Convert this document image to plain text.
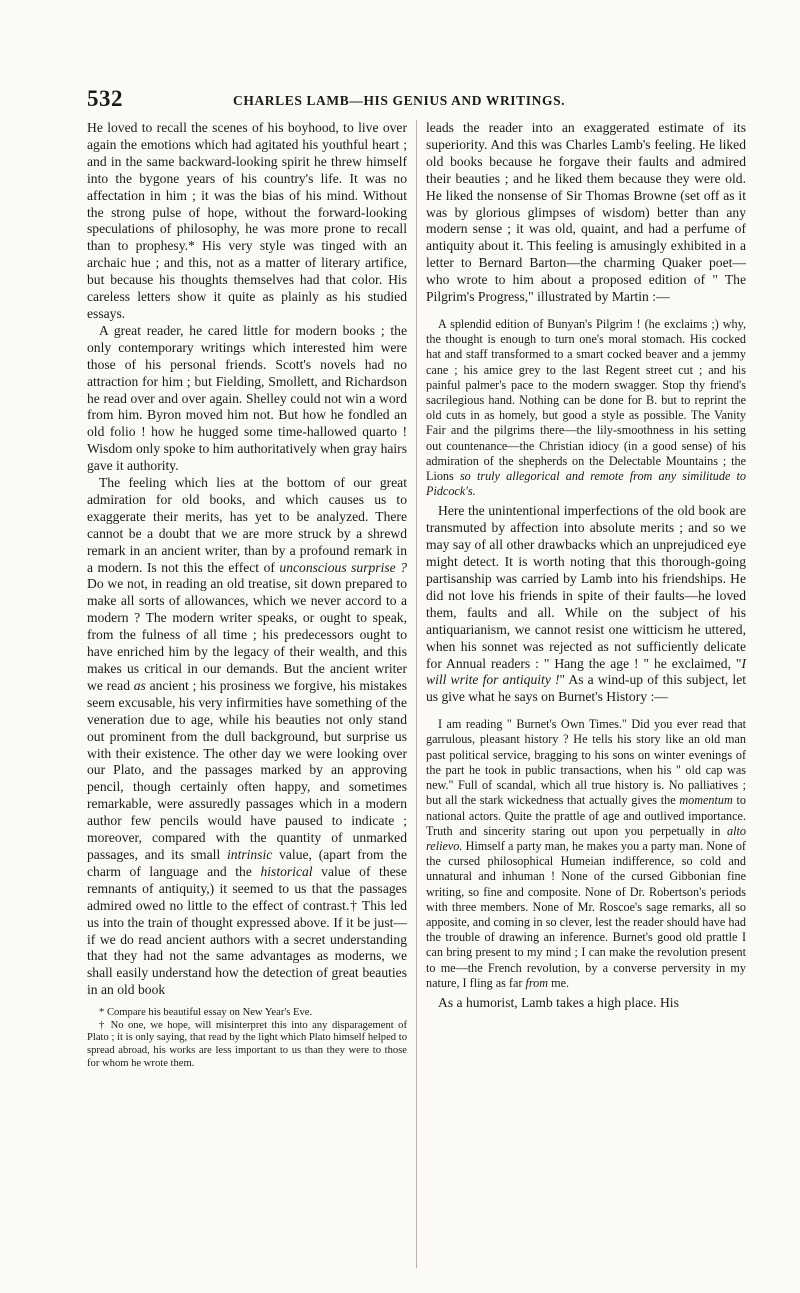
532	CHARLES LAMB—HIS GENIUS AND WRITINGS.

He loved to recall the scenes of his boyhood, to live over again the emotions which had agitated his youthful heart ; and in the same backward-looking spirit he threw himself into the bygone years of his country's life. It was no affectation in him ; it was the bias of his mind. Without the strong pulse of hope, without the forward-looking speculations of philosophy, he was more prone to recall than to prophesy.* His very style was tinged with an archaic hue ; and this, not as a matter of literary artifice, but because his thoughts themselves had that color. His careless letters show it quite as plainly as his studied essays.

A great reader, he cared little for modern books ; the only contemporary writings which interested him were those of his personal friends. Scott's novels had no attraction for him ; but Fielding, Smollett, and Richardson he read over and over again. Shelley could not win a word from him. Byron moved him not. But how he fondled an old folio ! how he hugged some time-hallowed quarto ! Wisdom only spoke to him authoritatively when gray hairs gave it authority.

The feeling which lies at the bottom of our great admiration for old books, and which causes us to exaggerate their merits, has yet to be analyzed. There cannot be a doubt that we are more struck by a shrewd remark in an ancient writer, than by a profound remark in a modern. Is not this the effect of unconscious surprise ? Do we not, in reading an old treatise, sit down prepared to make all sorts of allowances, which we never accord to a modern ? The modern writer speaks, or ought to speak, from the fulness of all time ; his predecessors ought to have enriched him by the legacy of their wealth, and this makes us critical in our demands. But the ancient writer we read as ancient ; his prosiness we forgive, his mistakes seem excusable, his very infirmities have something of the veneration due to age, while his beauties not only stand out prominent from the dull background, but surprise us with their existence. The other day we were looking over our Plato, and the passages marked by an approving pencil, though certainly often happy, and sometimes remarkable, were assuredly passages which in a modern author few pencils would have paused to indicate ; moreover, compared with the quantity of unmarked passages, and its small intrinsic value, (apart from the charm of language and the historical value of these remnants of antiquity,) it seemed to us that the passages admired owed no little to the effect of contrast.† This led us into the train of thought expressed above. If it be just—if we do read ancient authors with a secret understanding that they had not the same advantages as moderns, we shall easily understand how the detection of great beauties in an old book

* Compare his beautiful essay on New Year's Eve.

† No one, we hope, will misinterpret this into any disparagement of Plato ; it is only saying, that read by the light which Plato himself helped to spread abroad, his works are less important to us than they were to those for whom he wrote them.

leads the reader into an exaggerated estimate of its superiority. And this was Charles Lamb's feeling. He liked old books because he forgave their faults and admired their beauties ; and he liked them because they were old. He liked the nonsense of Sir Thomas Browne (set off as it was by glorious glimpses of wisdom) better than any modern sense ; it was old, quaint, and had a perfume of antiquity about it. This feeling is amusingly exhibited in a letter to Bernard Barton—the charming Quaker poet—who wrote to him about a proposed edition of " The Pilgrim's Progress," illustrated by Martin :—

A splendid edition of Bunyan's Pilgrim ! (he exclaims ;) why, the thought is enough to turn one's moral stomach. His cocked hat and staff transformed to a smart cocked beaver and a jemmy cane ; his amice grey to the last Regent street cut ; and his painful palmer's pace to the modern swagger. Stop thy friend's sacrilegious hand. Nothing can be done for B. but to reprint the old cuts in as homely, but good a style as possible. The Vanity Fair and the pilgrims there—the lily-smoothness in his setting out countenance—the Christian idiocy (in a good sense) of his admiration of the shepherds on the Delectable Mountains ; the Lions so truly allegorical and remote from any similitude to Pidcock's.

Here the unintentional imperfections of the old book are transmuted by affection into absolute merits ; and so we may say of all other drawbacks which an unprejudiced eye might detect. It is worth noting that this thorough-going partisanship was carried by Lamb into his friendships. He did not love his friends in spite of their faults—he loved them, faults and all. While on the subject of his antiquarianism, we cannot resist one witticism he uttered, when his sonnet was rejected as not sufficiently delicate for Annual readers : " Hang the age ! " he exclaimed, "I will write for antiquity !" As a wind-up of this subject, let us give what he says on Burnet's History :—

I am reading " Burnet's Own Times." Did you ever read that garrulous, pleasant history ? He tells his story like an old man past political service, bragging to his sons on winter evenings of the part he took in public transactions, when his " old cap was new." Full of scandal, which all true history is. No palliatives ; but all the stark wickedness that actually gives the momentum to national actors. Quite the prattle of age and outlived importance. Truth and sincerity staring out upon you perpetually in alto relievo. Himself a party man, he makes you a party man. None of the cursed philosophical Humeian indifference, so cold and unnatural and inhuman ! None of the cursed Gibbonian fine writing, so fine and composite. None of Dr. Robertson's periods with three members. None of Mr. Roscoe's sage remarks, all so apposite, and coming in so clever, lest the reader should have had the trouble of drawing an inference. Burnet's good old prattle I can bring present to my mind ; I can make the revolution present to me—the French revolution, by a converse perversity in my nature, I fling as far from me.

As a humorist, Lamb takes a high place. His
